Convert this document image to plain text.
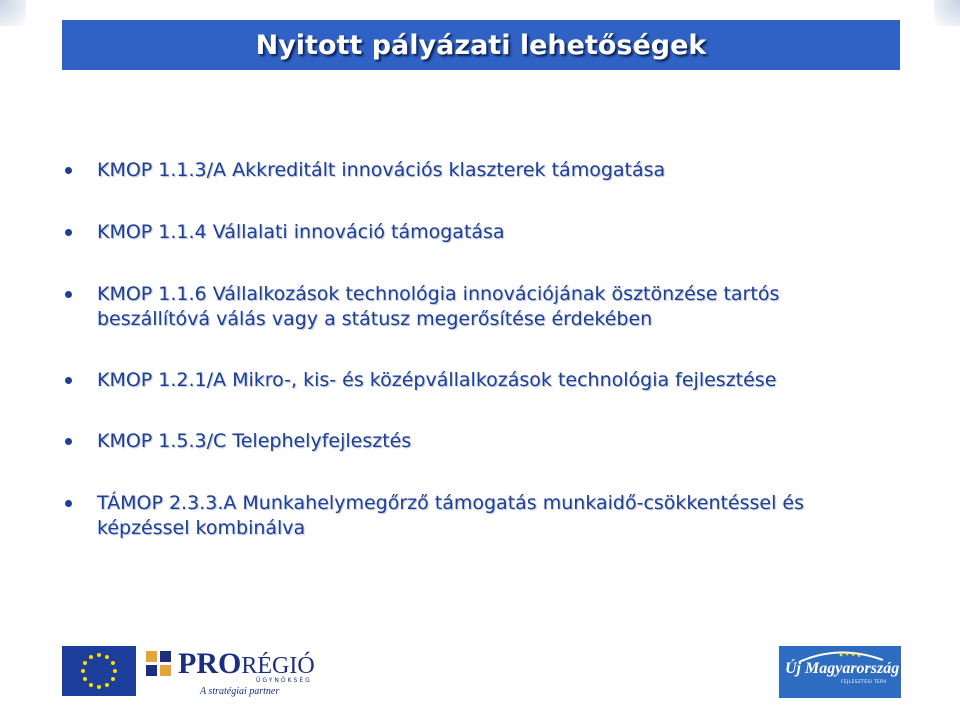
Nyitott pályázati lehetőségek
KMOP 1.1.3/A Akkreditált innovációs klaszterek támogatása
KMOP 1.1.4 Vállalati innováció támogatása
KMOP 1.1.6 Vállalkozások technológia innovációjának ösztönzése tartós beszállítóvá válás vagy a státusz megerősítése érdekében
KMOP 1.2.1/A Mikro-, kis- és középvállalkozások technológia fejlesztése
KMOP 1.5.3/C Telephelyfejlesztés
TÁMOP 2.3.3.A Munkahelymegőrző támogatás munkaidő-csökkentéssel és képzéssel kombinálva
PRORÉGIÓ
ÜGYNÖKSÉG
A stratégiai partner
Új Magyarország
FEJLESZTÉSI TERV
